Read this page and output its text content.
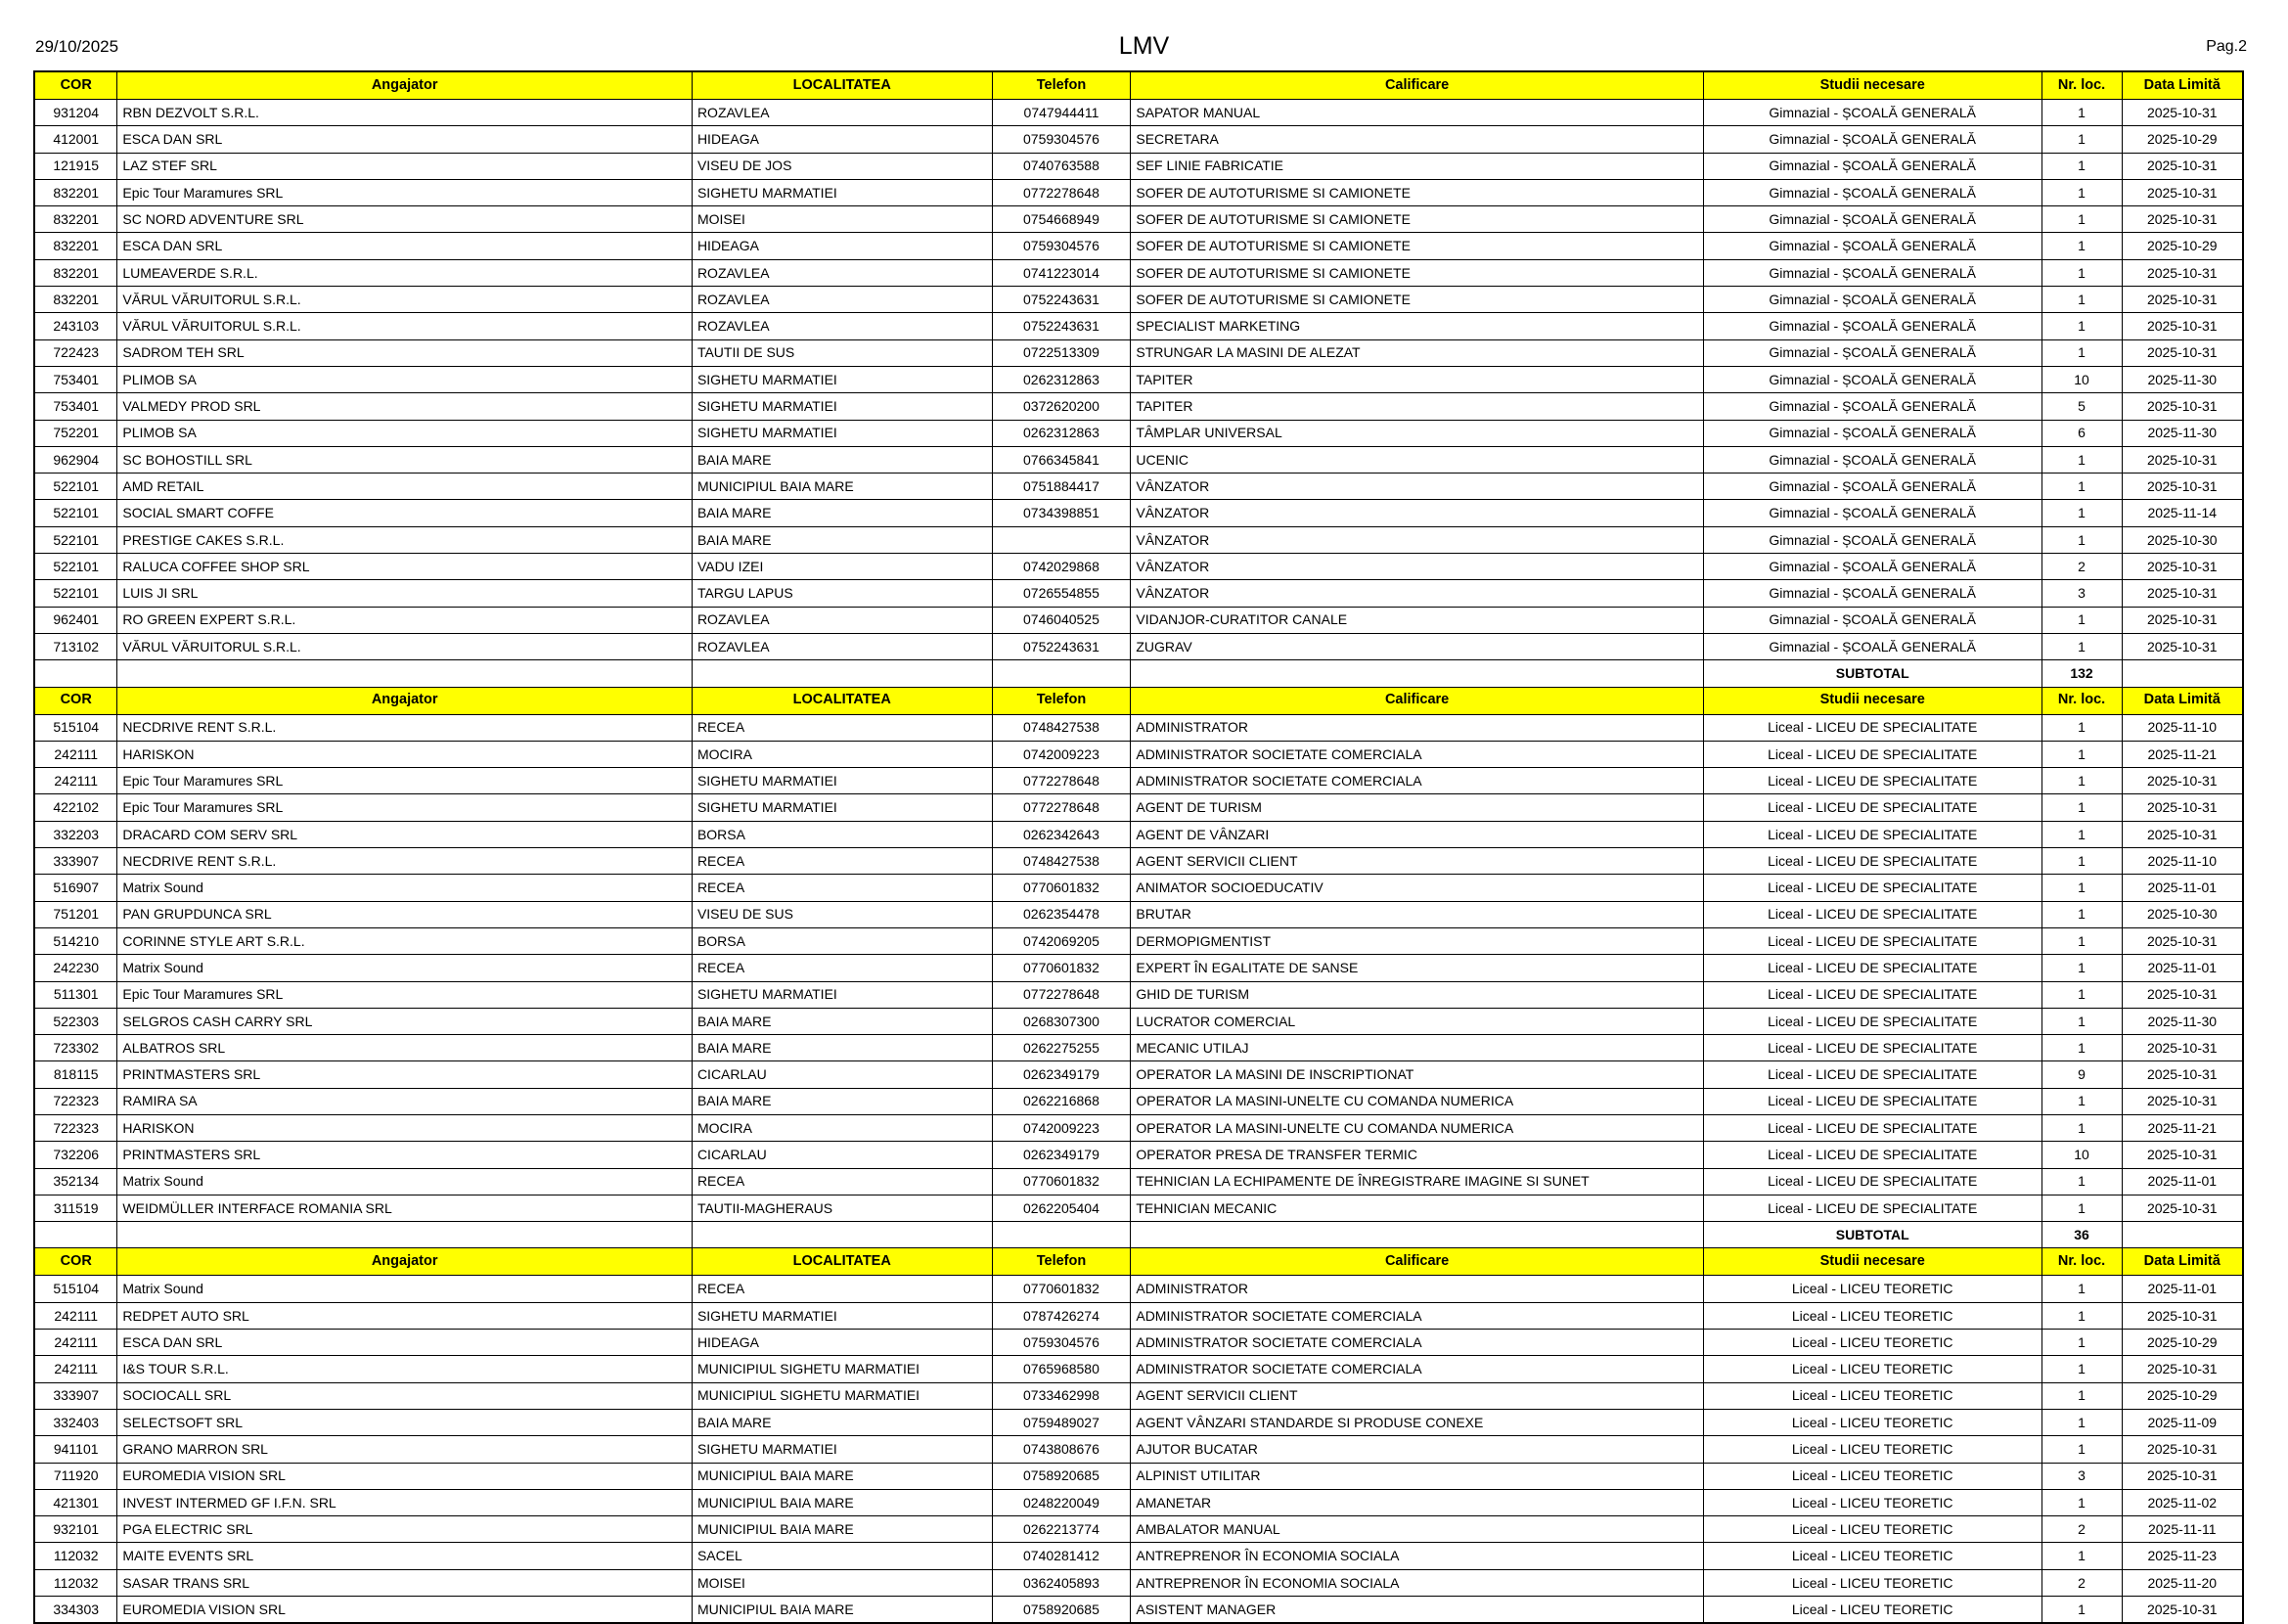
29/10/2025	LMV	Pag.2
COR	Angajator	LOCALITATEA	Telefon	Calificare	Studii necesare	Nr. loc.	Data Limită
931204	RBN DEZVOLT S.R.L.	ROZAVLEA	0747944411	SAPATOR MANUAL	Gimnazial - ȘCOALĂ GENERALĂ	1	2025-10-31
412001	ESCA DAN SRL	HIDEAGA	0759304576	SECRETARA	Gimnazial - ȘCOALĂ GENERALĂ	1	2025-10-29
121915	LAZ STEF SRL	VISEU DE JOS	0740763588	SEF LINIE FABRICATIE	Gimnazial - ȘCOALĂ GENERALĂ	1	2025-10-31
832201	Epic Tour Maramures SRL	SIGHETU MARMATIEI	0772278648	SOFER DE AUTOTURISME SI CAMIONETE	Gimnazial - ȘCOALĂ GENERALĂ	1	2025-10-31
832201	SC NORD ADVENTURE SRL	MOISEI	0754668949	SOFER DE AUTOTURISME SI CAMIONETE	Gimnazial - ȘCOALĂ GENERALĂ	1	2025-10-31
832201	ESCA DAN SRL	HIDEAGA	0759304576	SOFER DE AUTOTURISME SI CAMIONETE	Gimnazial - ȘCOALĂ GENERALĂ	1	2025-10-29
832201	LUMEAVERDE S.R.L.	ROZAVLEA	0741223014	SOFER DE AUTOTURISME SI CAMIONETE	Gimnazial - ȘCOALĂ GENERALĂ	1	2025-10-31
832201	VĂRUL VĂRUITORUL S.R.L.	ROZAVLEA	0752243631	SOFER DE AUTOTURISME SI CAMIONETE	Gimnazial - ȘCOALĂ GENERALĂ	1	2025-10-31
243103	VĂRUL VĂRUITORUL S.R.L.	ROZAVLEA	0752243631	SPECIALIST MARKETING	Gimnazial - ȘCOALĂ GENERALĂ	1	2025-10-31
722423	SADROM TEH SRL	TAUTII DE SUS	0722513309	STRUNGAR LA MASINI DE ALEZAT	Gimnazial - ȘCOALĂ GENERALĂ	1	2025-10-31
753401	PLIMOB SA	SIGHETU MARMATIEI	0262312863	TAPITER	Gimnazial - ȘCOALĂ GENERALĂ	10	2025-11-30
753401	VALMEDY PROD SRL	SIGHETU MARMATIEI	0372620200	TAPITER	Gimnazial - ȘCOALĂ GENERALĂ	5	2025-10-31
752201	PLIMOB SA	SIGHETU MARMATIEI	0262312863	TÂMPLAR UNIVERSAL	Gimnazial - ȘCOALĂ GENERALĂ	6	2025-11-30
962904	SC BOHOSTILL SRL	BAIA MARE	0766345841	UCENIC	Gimnazial - ȘCOALĂ GENERALĂ	1	2025-10-31
522101	AMD RETAIL	MUNICIPIUL BAIA MARE	0751884417	VÂNZATOR	Gimnazial - ȘCOALĂ GENERALĂ	1	2025-10-31
522101	SOCIAL SMART COFFE	BAIA MARE	0734398851	VÂNZATOR	Gimnazial - ȘCOALĂ GENERALĂ	1	2025-11-14
522101	PRESTIGE CAKES S.R.L.	BAIA MARE		VÂNZATOR	Gimnazial - ȘCOALĂ GENERALĂ	1	2025-10-30
522101	RALUCA COFFEE SHOP SRL	VADU IZEI	0742029868	VÂNZATOR	Gimnazial - ȘCOALĂ GENERALĂ	2	2025-10-31
522101	LUIS JI SRL	TARGU LAPUS	0726554855	VÂNZATOR	Gimnazial - ȘCOALĂ GENERALĂ	3	2025-10-31
962401	RO GREEN EXPERT S.R.L.	ROZAVLEA	0746040525	VIDANJOR-CURATITOR CANALE	Gimnazial - ȘCOALĂ GENERALĂ	1	2025-10-31
713102	VĂRUL VĂRUITORUL S.R.L.	ROZAVLEA	0752243631	ZUGRAV	Gimnazial - ȘCOALĂ GENERALĂ	1	2025-10-31
					SUBTOTAL	132	
COR	Angajator	LOCALITATEA	Telefon	Calificare	Studii necesare	Nr. loc.	Data Limită
515104	NECDRIVE RENT S.R.L.	RECEA	0748427538	ADMINISTRATOR	Liceal - LICEU DE SPECIALITATE	1	2025-11-10
242111	HARISKON	MOCIRA	0742009223	ADMINISTRATOR SOCIETATE COMERCIALA	Liceal - LICEU DE SPECIALITATE	1	2025-11-21
242111	Epic Tour Maramures SRL	SIGHETU MARMATIEI	0772278648	ADMINISTRATOR SOCIETATE COMERCIALA	Liceal - LICEU DE SPECIALITATE	1	2025-10-31
422102	Epic Tour Maramures SRL	SIGHETU MARMATIEI	0772278648	AGENT DE TURISM	Liceal - LICEU DE SPECIALITATE	1	2025-10-31
332203	DRACARD COM SERV SRL	BORSA	0262342643	AGENT DE VÂNZARI	Liceal - LICEU DE SPECIALITATE	1	2025-10-31
333907	NECDRIVE RENT S.R.L.	RECEA	0748427538	AGENT SERVICII CLIENT	Liceal - LICEU DE SPECIALITATE	1	2025-11-10
516907	Matrix Sound	RECEA	0770601832	ANIMATOR SOCIOEDUCATIV	Liceal - LICEU DE SPECIALITATE	1	2025-11-01
751201	PAN GRUPDUNCA SRL	VISEU DE SUS	0262354478	BRUTAR	Liceal - LICEU DE SPECIALITATE	1	2025-10-30
514210	CORINNE STYLE ART S.R.L.	BORSA	0742069205	DERMOPIGMENTIST	Liceal - LICEU DE SPECIALITATE	1	2025-10-31
242230	Matrix Sound	RECEA	0770601832	EXPERT ÎN EGALITATE DE SANSE	Liceal - LICEU DE SPECIALITATE	1	2025-11-01
511301	Epic Tour Maramures SRL	SIGHETU MARMATIEI	0772278648	GHID DE TURISM	Liceal - LICEU DE SPECIALITATE	1	2025-10-31
522303	SELGROS CASH CARRY SRL	BAIA MARE	0268307300	LUCRATOR COMERCIAL	Liceal - LICEU DE SPECIALITATE	1	2025-11-30
723302	ALBATROS SRL	BAIA MARE	0262275255	MECANIC UTILAJ	Liceal - LICEU DE SPECIALITATE	1	2025-10-31
818115	PRINTMASTERS SRL	CICARLAU	0262349179	OPERATOR LA MASINI DE INSCRIPTIONAT	Liceal - LICEU DE SPECIALITATE	9	2025-10-31
722323	RAMIRA SA	BAIA MARE	0262216868	OPERATOR LA MASINI-UNELTE CU COMANDA NUMERICA	Liceal - LICEU DE SPECIALITATE	1	2025-10-31
722323	HARISKON	MOCIRA	0742009223	OPERATOR LA MASINI-UNELTE CU COMANDA NUMERICA	Liceal - LICEU DE SPECIALITATE	1	2025-11-21
732206	PRINTMASTERS SRL	CICARLAU	0262349179	OPERATOR PRESA DE TRANSFER TERMIC	Liceal - LICEU DE SPECIALITATE	10	2025-10-31
352134	Matrix Sound	RECEA	0770601832	TEHNICIAN LA ECHIPAMENTE DE ÎNREGISTRARE IMAGINE SI SUNET	Liceal - LICEU DE SPECIALITATE	1	2025-11-01
311519	WEIDMÜLLER INTERFACE ROMANIA SRL	TAUTII-MAGHERAUS	0262205404	TEHNICIAN MECANIC	Liceal - LICEU DE SPECIALITATE	1	2025-10-31
					SUBTOTAL	36	
COR	Angajator	LOCALITATEA	Telefon	Calificare	Studii necesare	Nr. loc.	Data Limită
515104	Matrix Sound	RECEA	0770601832	ADMINISTRATOR	Liceal - LICEU TEORETIC	1	2025-11-01
242111	REDPET AUTO SRL	SIGHETU MARMATIEI	0787426274	ADMINISTRATOR SOCIETATE COMERCIALA	Liceal - LICEU TEORETIC	1	2025-10-31
242111	ESCA DAN SRL	HIDEAGA	0759304576	ADMINISTRATOR SOCIETATE COMERCIALA	Liceal - LICEU TEORETIC	1	2025-10-29
242111	I&S TOUR S.R.L.	MUNICIPIUL SIGHETU MARMATIEI	0765968580	ADMINISTRATOR SOCIETATE COMERCIALA	Liceal - LICEU TEORETIC	1	2025-10-31
333907	SOCIOCALL SRL	MUNICIPIUL SIGHETU MARMATIEI	0733462998	AGENT SERVICII CLIENT	Liceal - LICEU TEORETIC	1	2025-10-29
332403	SELECTSOFT SRL	BAIA MARE	0759489027	AGENT VÂNZARI STANDARDE SI PRODUSE CONEXE	Liceal - LICEU TEORETIC	1	2025-11-09
941101	GRANO MARRON SRL	SIGHETU MARMATIEI	0743808676	AJUTOR BUCATAR	Liceal - LICEU TEORETIC	1	2025-10-31
711920	EUROMEDIA VISION SRL	MUNICIPIUL BAIA MARE	0758920685	ALPINIST UTILITAR	Liceal - LICEU TEORETIC	3	2025-10-31
421301	INVEST INTERMED GF I.F.N. SRL	MUNICIPIUL BAIA MARE	0248220049	AMANETAR	Liceal - LICEU TEORETIC	1	2025-11-02
932101	PGA ELECTRIC SRL	MUNICIPIUL BAIA MARE	0262213774	AMBALATOR MANUAL	Liceal - LICEU TEORETIC	2	2025-11-11
112032	MAITE EVENTS SRL	SACEL	0740281412	ANTREPRENOR ÎN ECONOMIA SOCIALA	Liceal - LICEU TEORETIC	1	2025-11-23
112032	SASAR TRANS SRL	MOISEI	0362405893	ANTREPRENOR ÎN ECONOMIA SOCIALA	Liceal - LICEU TEORETIC	2	2025-11-20
334303	EUROMEDIA VISION SRL	MUNICIPIUL BAIA MARE	0758920685	ASISTENT MANAGER	Liceal - LICEU TEORETIC	1	2025-10-31
